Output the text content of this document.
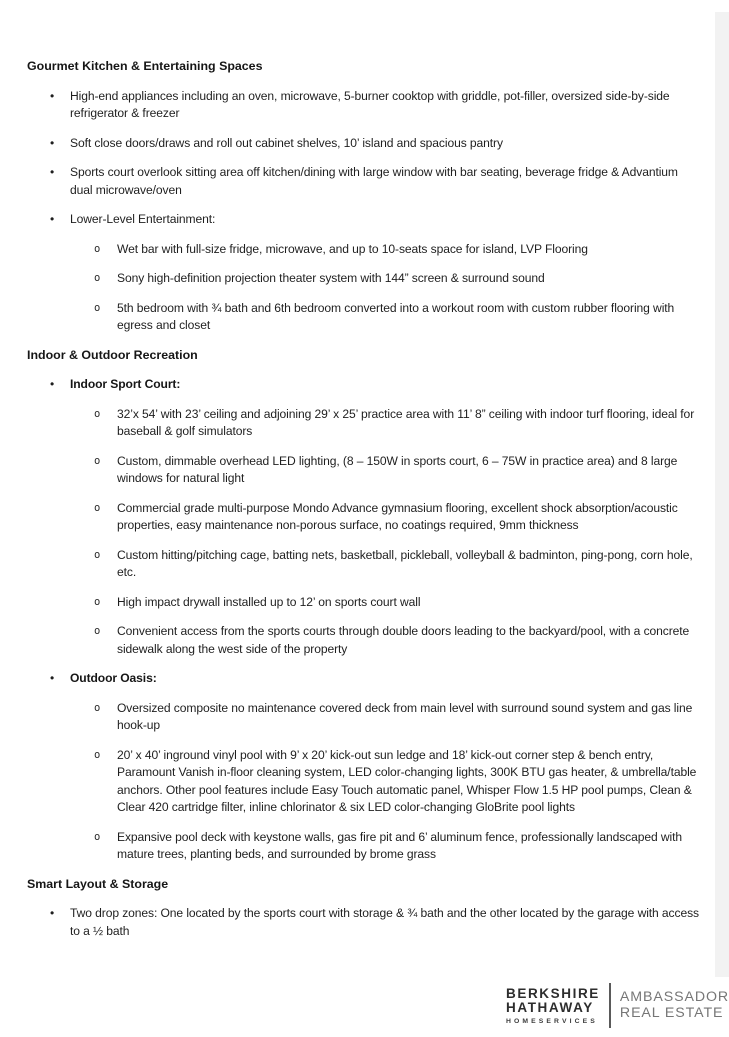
Gourmet Kitchen & Entertaining Spaces
• High-end appliances including an oven, microwave, 5-burner cooktop with griddle, pot-filler, oversized side-by-side refrigerator & freezer
• Soft close doors/draws and roll out cabinet shelves, 10’ island and spacious pantry
• Sports court overlook sitting area off kitchen/dining with large window with bar seating, beverage fridge & Advantium dual microwave/oven
• Lower-Level Entertainment:
o Wet bar with full-size fridge, microwave, and up to 10-seats space for island, LVP Flooring
o Sony high-definition projection theater system with 144” screen & surround sound
o 5th bedroom with ¾ bath and 6th bedroom converted into a workout room with custom rubber flooring with egress and closet
Indoor & Outdoor Recreation
• Indoor Sport Court:
o 32’x 54’ with 23’ ceiling and adjoining 29’ x 25’ practice area with 11’ 8” ceiling with indoor turf flooring, ideal for baseball & golf simulators
o Custom, dimmable overhead LED lighting, (8 – 150W in sports court, 6 – 75W in practice area) and 8 large windows for natural light
o Commercial grade multi-purpose Mondo Advance gymnasium flooring, excellent shock absorption/acoustic properties, easy maintenance non-porous surface, no coatings required, 9mm thickness
o Custom hitting/pitching cage, batting nets, basketball, pickleball, volleyball & badminton, ping-pong, corn hole, etc.
o High impact drywall installed up to 12’ on sports court wall
o Convenient access from the sports courts through double doors leading to the backyard/pool, with a concrete sidewalk along the west side of the property
• Outdoor Oasis:
o Oversized composite no maintenance covered deck from main level with surround sound system and gas line hook-up
o 20’ x 40’ inground vinyl pool with 9’ x 20’ kick-out sun ledge and 18’ kick-out corner step & bench entry, Paramount Vanish in-floor cleaning system, LED color-changing lights, 300K BTU gas heater, & umbrella/table anchors. Other pool features include Easy Touch automatic panel, Whisper Flow 1.5 HP pool pumps, Clean & Clear 420 cartridge filter, inline chlorinator & six LED color-changing GloBrite pool lights
o Expansive pool deck with keystone walls, gas fire pit and 6’ aluminum fence, professionally landscaped with mature trees, planting beds, and surrounded by brome grass
Smart Layout & Storage
• Two drop zones: One located by the sports court with storage & ¾ bath and the other located by the garage with access to a ½ bath
BERKSHIRE
HATHAWAY
HOMESERVICES
AMBASSADOR
REAL ESTATE
